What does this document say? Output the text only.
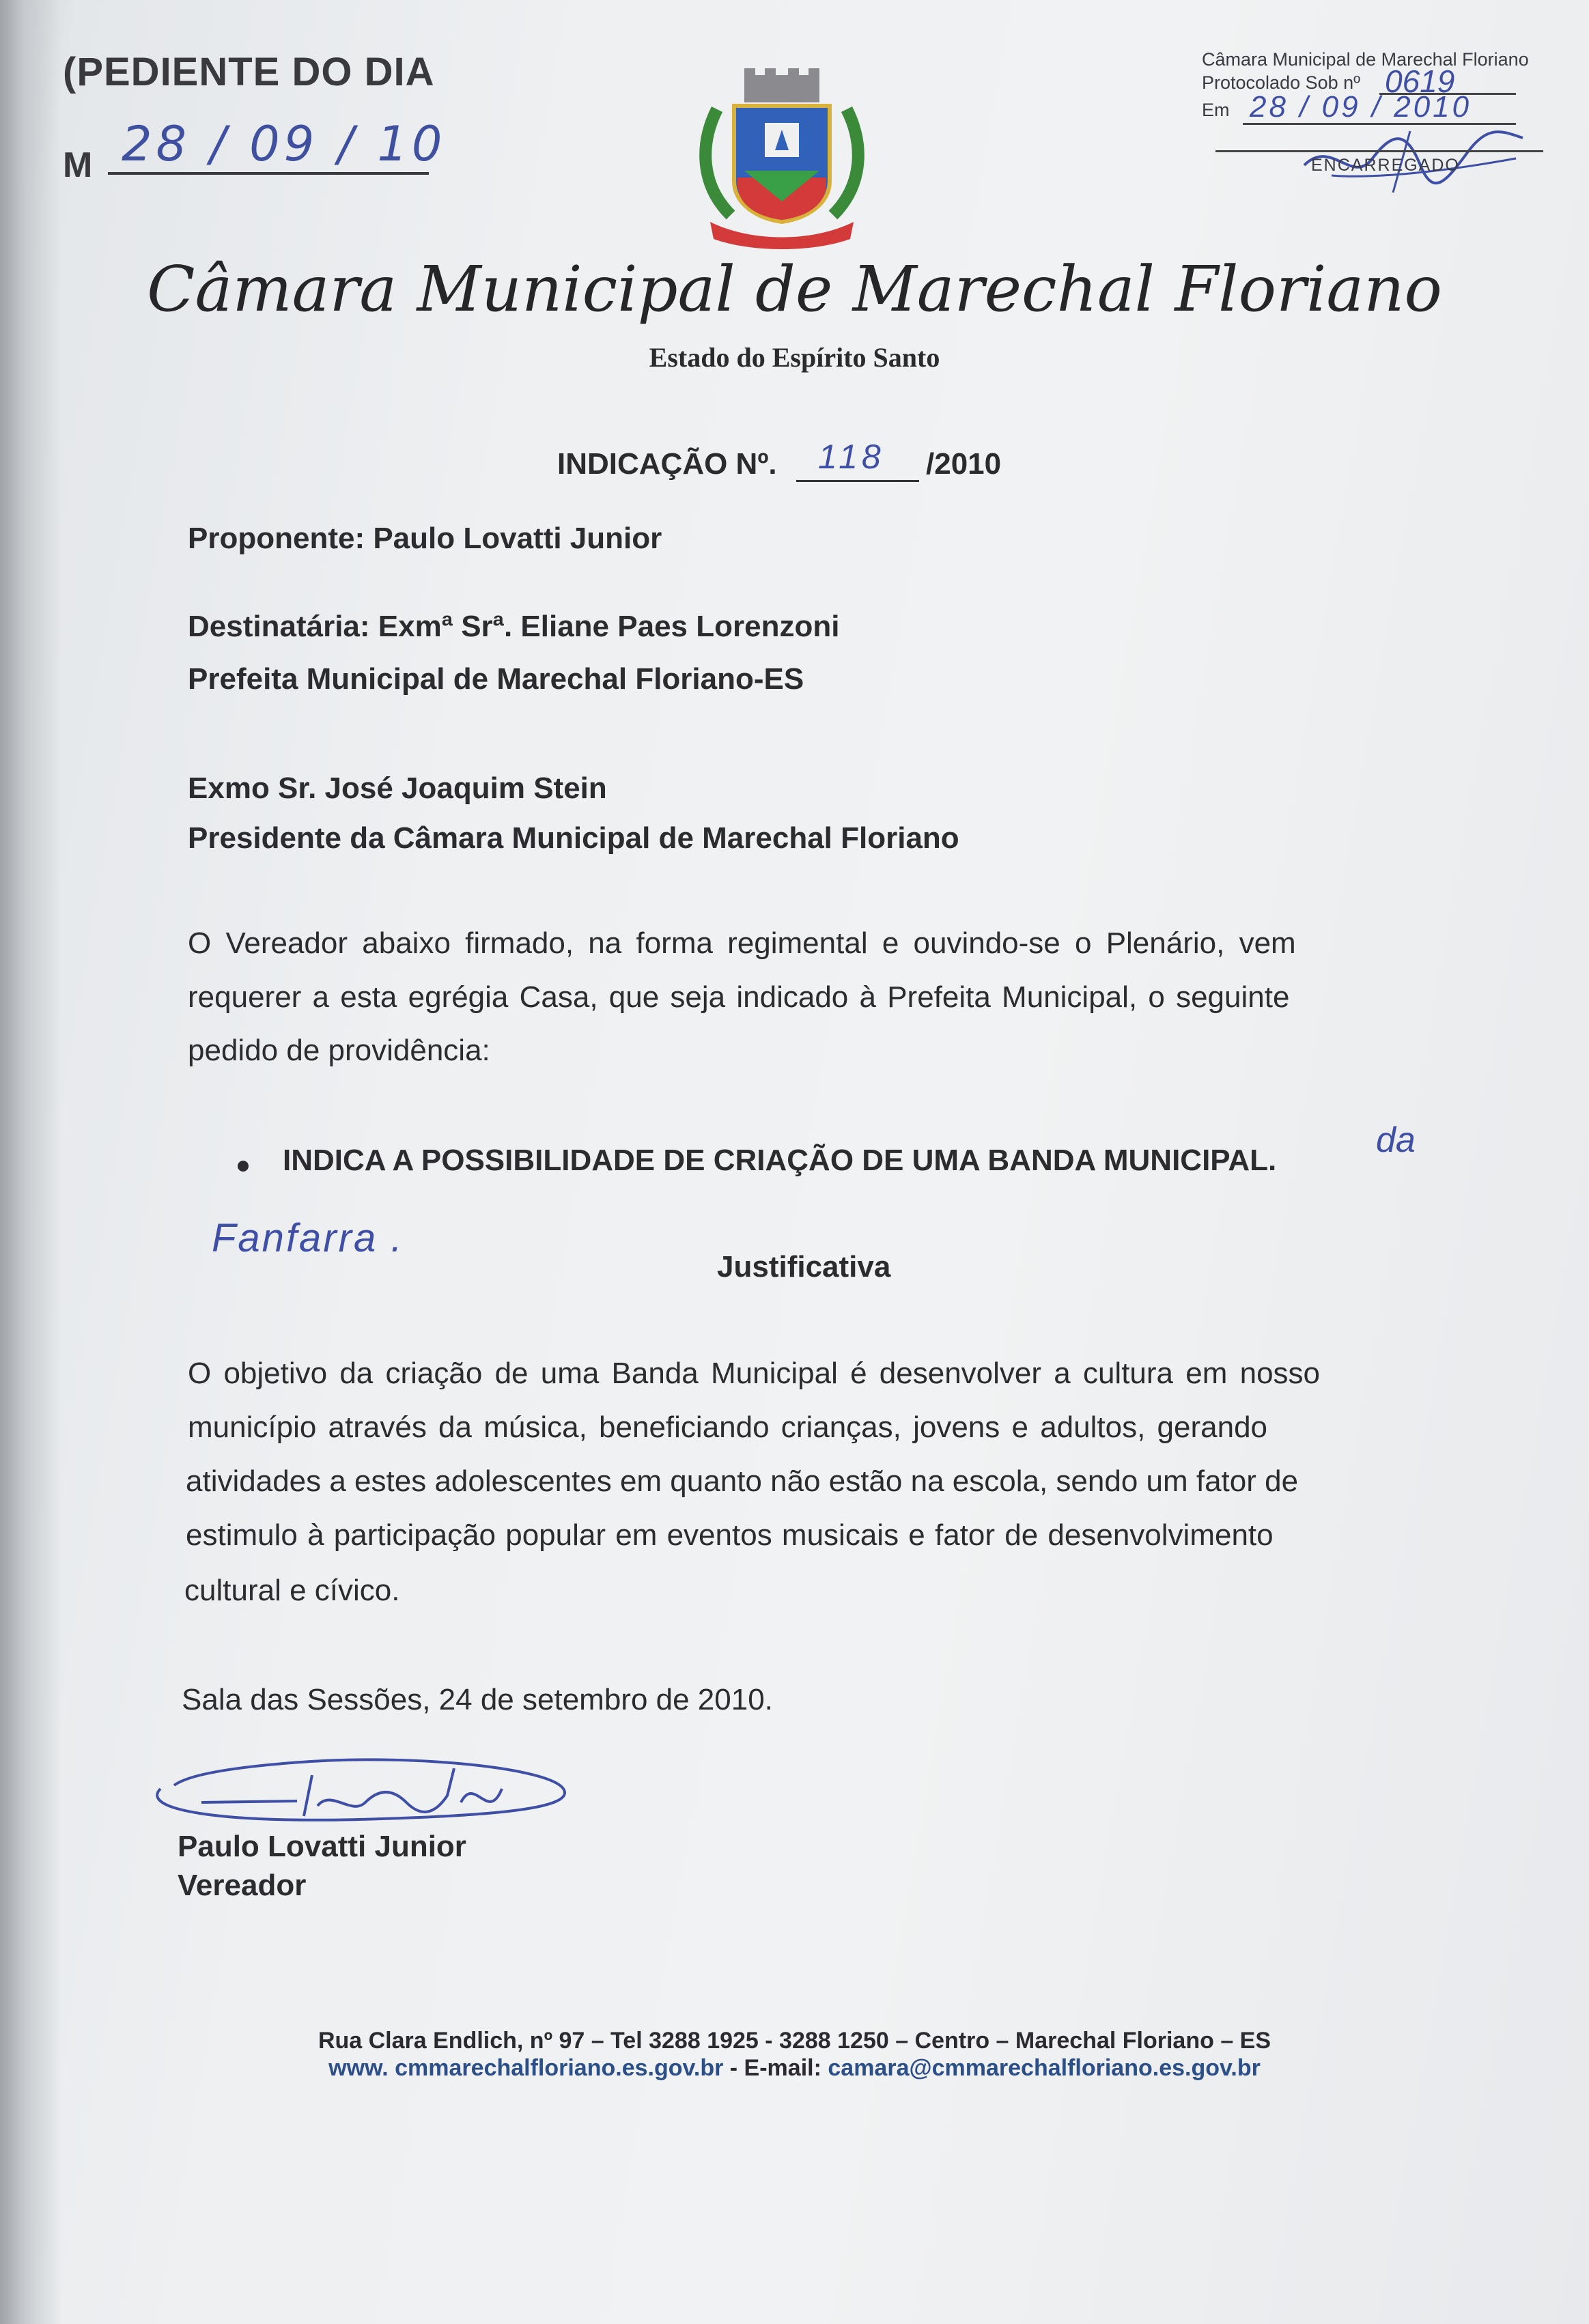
(PEDIENTE DO DIA
M 28 / 09 / 10
Câmara Municipal de Marechal Floriano
Protocolado Sob nº
Em
0619
28 / 09 / 2010
ENCARREGADO
Câmara Municipal de Marechal Floriano
Estado do Espírito Santo
INDICAÇÃO Nº. 118 /2010
Proponente: Paulo Lovatti Junior
Destinatária: Exmª Srª. Eliane Paes Lorenzoni
Prefeita Municipal de Marechal Floriano-ES
Exmo Sr. José Joaquim Stein
Presidente da Câmara Municipal de Marechal Floriano
O Vereador abaixo firmado, na forma regimental e ouvindo-se o Plenário, vem
requerer a esta egrégia Casa, que seja indicado à Prefeita Municipal, o seguinte
pedido de providência:
INDICA A POSSIBILIDADE DE CRIAÇÃO DE UMA BANDA MUNICIPAL.
da
Fanfarra .
Justificativa
O objetivo da criação de uma Banda Municipal é desenvolver a cultura em nosso
município através da música, beneficiando crianças, jovens e adultos, gerando
atividades a estes adolescentes em quanto não estão na escola, sendo um fator de
estimulo à participação popular em eventos musicais e fator de desenvolvimento
cultural e cívico.
Sala das Sessões, 24 de setembro de 2010.
Paulo Lovatti Junior
Vereador
Rua Clara Endlich, nº 97 – Tel 3288 1925 - 3288 1250 – Centro – Marechal Floriano – ES
www. cmmarechalfloriano.es.gov.br - E-mail: camara@cmmarechalfloriano.es.gov.br
